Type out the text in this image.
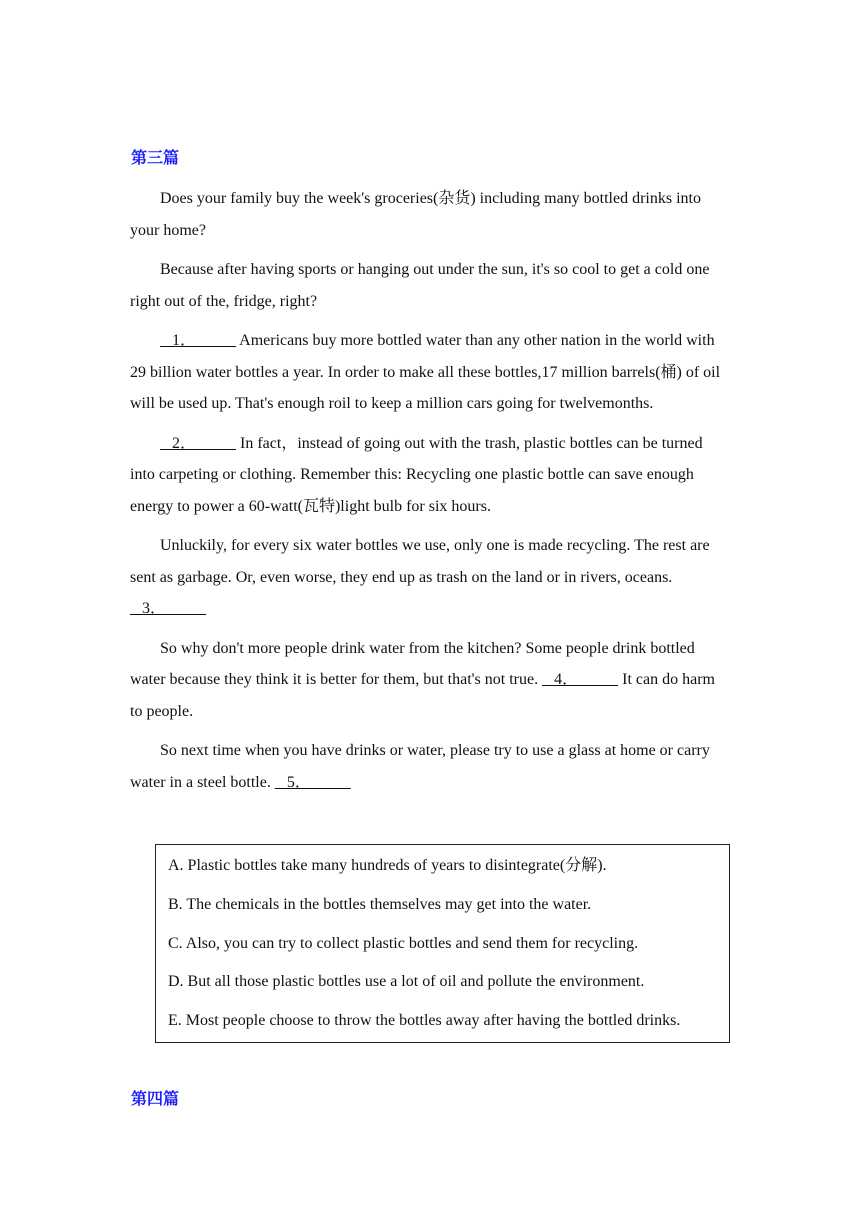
第三篇

Does your family buy the week's groceries(杂货) including many bottled drinks into your home?

Because after having sports or hanging out under the sun, it's so cool to get a cold one right out of the, fridge, right?

1．           Americans buy more bottled water than any other nation in the world with 29 billion water bottles a year. In order to make all these bottles,17 million barrels(桶) of oil will be used up. That's enough roil to keep a million cars going for twelvemonths.

2．           In fact，instead of going out with the trash, plastic bottles can be turned into carpeting or clothing. Remember this: Recycling one plastic bottle can save enough energy to power a 60-watt(瓦特)light bulb for six hours.

Unluckily, for every six water bottles we use, only one is made recycling. The rest are sent as garbage. Or, even worse, they end up as trash on the land or in rivers, oceans.    3．

So why don't more people drink water from the kitchen? Some people drink bottled water because they think it is better for them, but that's not true.    4．           It can do harm to people.

So next time when you have drinks or water, please try to use a glass at home or carry water in a steel bottle.    5．

A. Plastic bottles take many hundreds of years to disintegrate(分解).
B. The chemicals in the bottles themselves may get into the water.
C. Also, you can try to collect plastic bottles and send them for recycling.
D. But all those plastic bottles use a lot of oil and pollute the environment.
E. Most people choose to throw the bottles away after having the bottled drinks.
第四篇
